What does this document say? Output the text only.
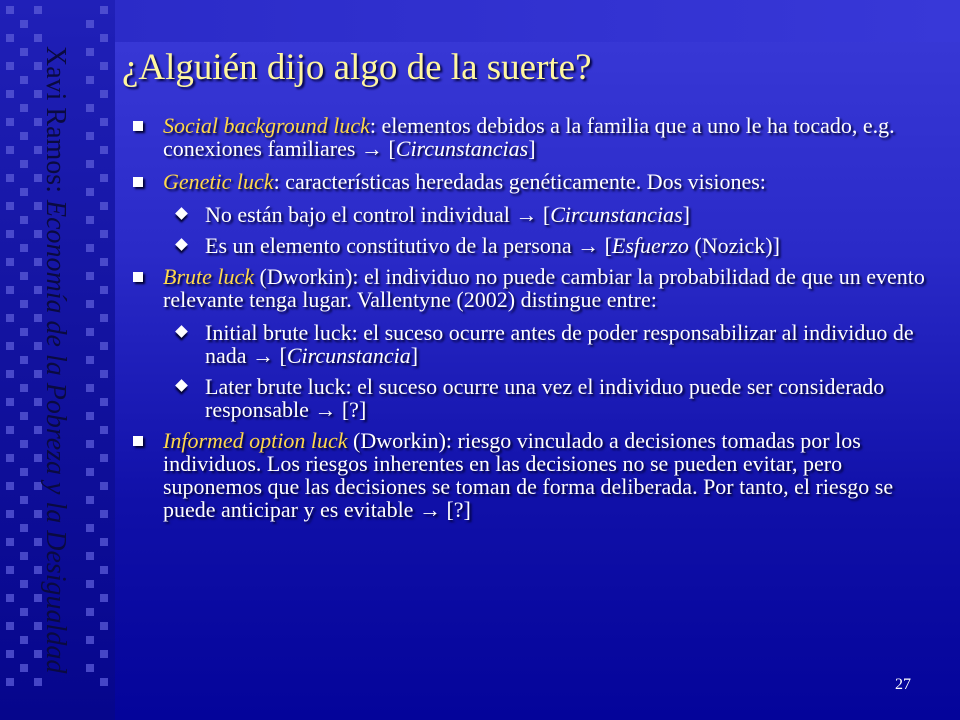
Xavi Ramos: Economía de la Pobreza y la Desigualdad
¿Alguién dijo algo de la suerte?
Social background luck: elementos debidos a la familia que a uno le ha tocado, e.g. conexiones familiares → [Circunstancias]
Genetic luck: características heredadas genéticamente. Dos visiones:
No están bajo el control individual → [Circunstancias]
Es un elemento constitutivo de la persona → [Esfuerzo (Nozick)]
Brute luck (Dworkin): el individuo no puede cambiar la probabilidad de que un evento relevante tenga lugar. Vallentyne (2002) distingue entre:
Initial brute luck: el suceso ocurre antes de poder responsabilizar al individuo de nada → [Circunstancia]
Later brute luck: el suceso ocurre una vez el individuo puede ser considerado responsable → [?]
Informed option luck (Dworkin): riesgo vinculado a decisiones tomadas por los individuos. Los riesgos inherentes en las decisiones no se pueden evitar, pero suponemos que las decisiones se toman de forma deliberada. Por tanto, el riesgo se puede anticipar y es evitable → [?]
27
